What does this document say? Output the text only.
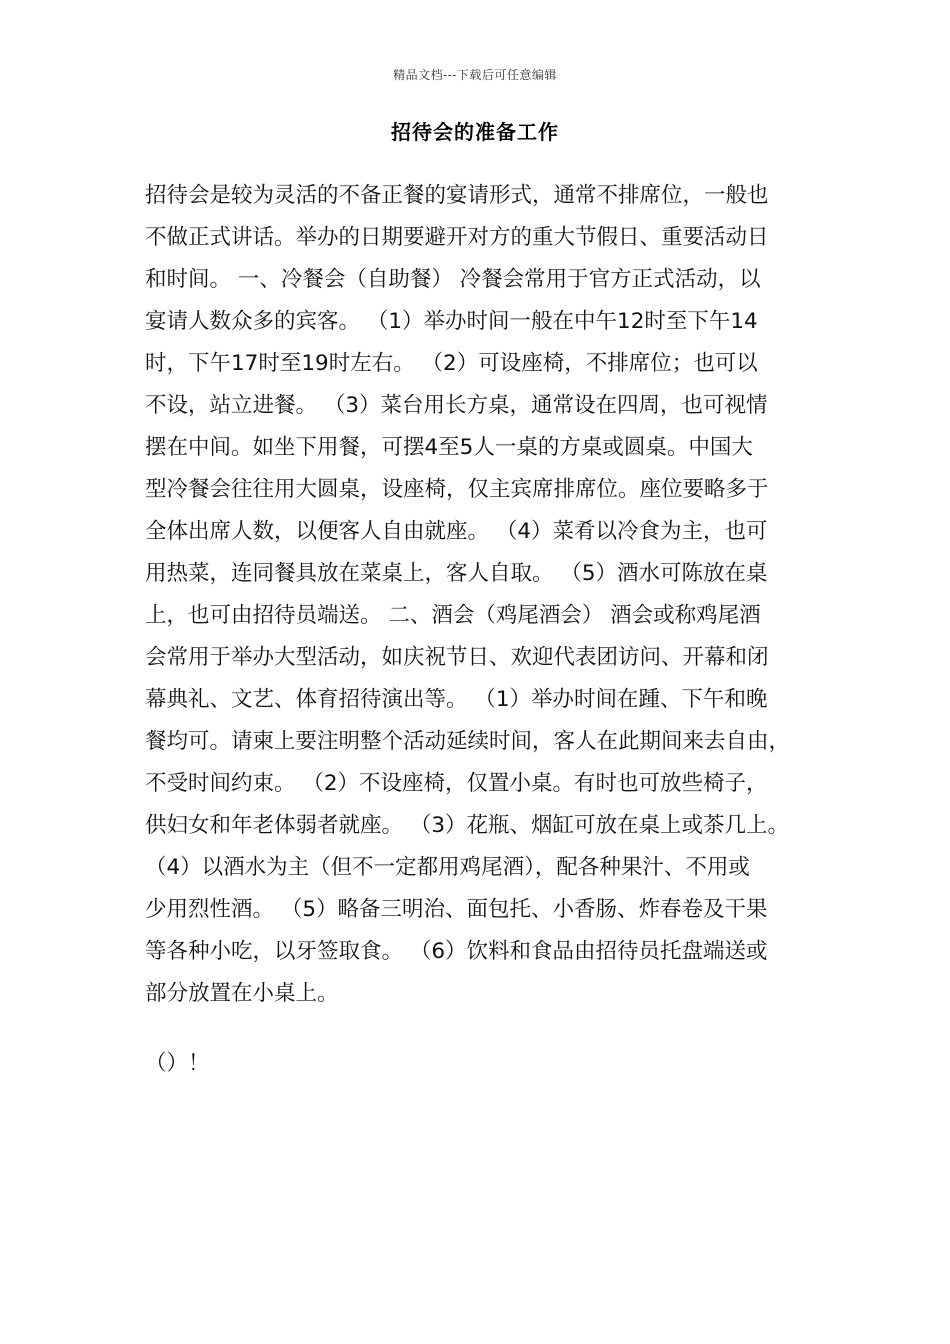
精品文档---下载后可任意编辑
招待会的准备工作
招待会是较为灵活的不备正餐的宴请形式，通常不排席位，一般也
不做正式讲话。举办的日期要避开对方的重大节假日、重要活动日
和时间。 一、冷餐会（自助餐） 冷餐会常用于官方正式活动，以
宴请人数众多的宾客。 （1）举办时间一般在中午12时至下午14
时，下午17时至19时左右。 （2）可设座椅，不排席位；也可以
不设，站立进餐。 （3）菜台用长方桌，通常设在四周，也可视情
摆在中间。如坐下用餐，可摆4至5人一桌的方桌或圆桌。中国大
型冷餐会往往用大圆桌，设座椅，仅主宾席排席位。座位要略多于
全体出席人数，以便客人自由就座。 （4）菜肴以冷食为主，也可
用热菜，连同餐具放在菜桌上，客人自取。 （5）酒水可陈放在桌
上，也可由招待员端送。 二、酒会（鸡尾酒会） 酒会或称鸡尾酒
会常用于举办大型活动，如庆祝节日、欢迎代表团访问、开幕和闭
幕典礼、文艺、体育招待演出等。 （1）举办时间在踵、下午和晚
餐均可。请柬上要注明整个活动延续时间，客人在此期间来去自由，
不受时间约束。 （2）不设座椅，仅置小桌。有时也可放些椅子，
供妇女和年老体弱者就座。 （3）花瓶、烟缸可放在桌上或茶几上。
（4）以酒水为主（但不一定都用鸡尾酒），配各种果汁、不用或
少用烈性酒。 （5）略备三明治、面包托、小香肠、炸春卷及干果
等各种小吃，以牙签取食。 （6）饮料和食品由招待员托盘端送或
部分放置在小桌上。
（）！
